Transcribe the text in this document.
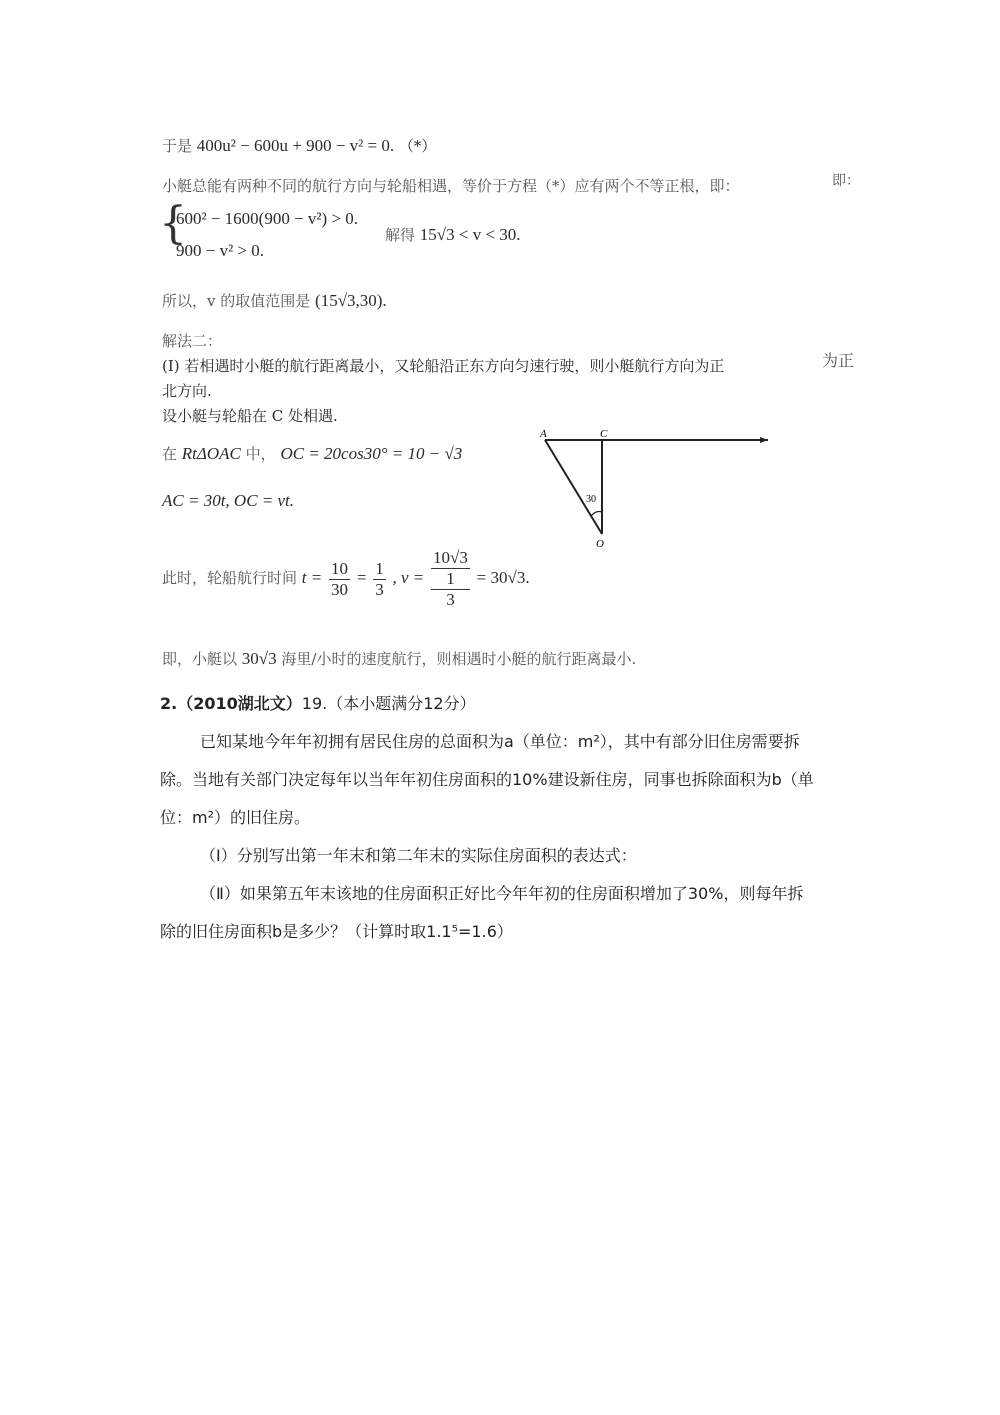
于是 400u² − 600u + 900 − v² = 0. （*）
小艇总能有两种不同的航行方向与轮船相遇，等价于方程（*）应有两个不等正根，即：	即：
{
600² − 1600(900 − v²) > 0.
900 − v² > 0.
解得 15√3 < v < 30.
所以，v 的取值范围是 (15√3,30).
解法二：
(Ⅰ) 若相遇时小艇的航行距离最小，又轮船沿正东方向匀速行驶，则小艇航行方向为正	为正
北方向.
设小艇与轮船在 C 处相遇.
在 RtΔOAC 中， OC = 20cos30° = 10 − √3
AC = 30t, OC = vt.
此时，轮船航行时间 $t = \frac{10}{30} = \frac{1}{3}$ , v = 10√3
1
3 = 30√3.
即，小艇以 30√3 海里/小时的速度航行，则相遇时小艇的航行距离最小.
A	C
30
O
2.（2010湖北文）19.（本小题满分12分）
已知某地今年年初拥有居民住房的总面积为a（单位：m²），其中有部分旧住房需要拆
除。当地有关部门决定每年以当年年初住房面积的10%建设新住房，同事也拆除面积为b（单
位：m²）的旧住房。
（Ⅰ）分别写出第一年末和第二年末的实际住房面积的表达式：
（Ⅱ）如果第五年末该地的住房面积正好比今年年初的住房面积增加了30%，则每年拆
除的旧住房面积b是多少？（计算时取1.1⁵=1.6）
